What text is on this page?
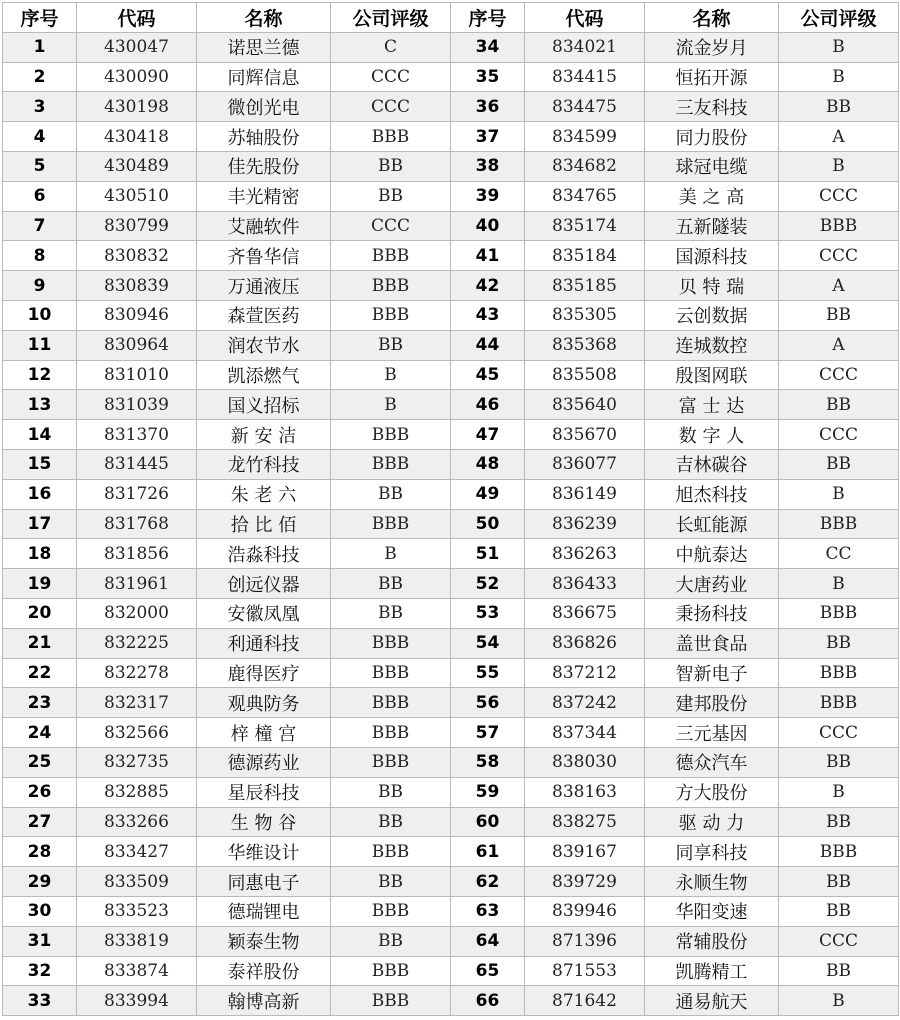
序号	代码	名称	公司评级	序号	代码	名称	公司评级
1	430047	诺思兰德	C	34	834021	流金岁月	B
2	430090	同辉信息	CCC	35	834415	恒拓开源	B
3	430198	微创光电	CCC	36	834475	三友科技	BB
4	430418	苏轴股份	BBB	37	834599	同力股份	A
5	430489	佳先股份	BB	38	834682	球冠电缆	B
6	430510	丰光精密	BB	39	834765	美 之 高	CCC
7	830799	艾融软件	CCC	40	835174	五新隧装	BBB
8	830832	齐鲁华信	BBB	41	835184	国源科技	CCC
9	830839	万通液压	BBB	42	835185	贝 特 瑞	A
10	830946	森萱医药	BBB	43	835305	云创数据	BB
11	830964	润农节水	BB	44	835368	连城数控	A
12	831010	凯添燃气	B	45	835508	殷图网联	CCC
13	831039	国义招标	B	46	835640	富 士 达	BB
14	831370	新 安 洁	BBB	47	835670	数 字 人	CCC
15	831445	龙竹科技	BBB	48	836077	吉林碳谷	BB
16	831726	朱 老 六	BB	49	836149	旭杰科技	B
17	831768	拾 比 佰	BBB	50	836239	长虹能源	BBB
18	831856	浩淼科技	B	51	836263	中航泰达	CC
19	831961	创远仪器	BB	52	836433	大唐药业	B
20	832000	安徽凤凰	BB	53	836675	秉扬科技	BBB
21	832225	利通科技	BBB	54	836826	盖世食品	BB
22	832278	鹿得医疗	BBB	55	837212	智新电子	BBB
23	832317	观典防务	BBB	56	837242	建邦股份	BBB
24	832566	梓 橦 宫	BBB	57	837344	三元基因	CCC
25	832735	德源药业	BBB	58	838030	德众汽车	BB
26	832885	星辰科技	BB	59	838163	方大股份	B
27	833266	生 物 谷	BB	60	838275	驱 动 力	BB
28	833427	华维设计	BBB	61	839167	同享科技	BBB
29	833509	同惠电子	BB	62	839729	永顺生物	BB
30	833523	德瑞锂电	BBB	63	839946	华阳变速	BB
31	833819	颖泰生物	BB	64	871396	常辅股份	CCC
32	833874	泰祥股份	BBB	65	871553	凯腾精工	BB
33	833994	翰博高新	BBB	66	871642	通易航天	B
